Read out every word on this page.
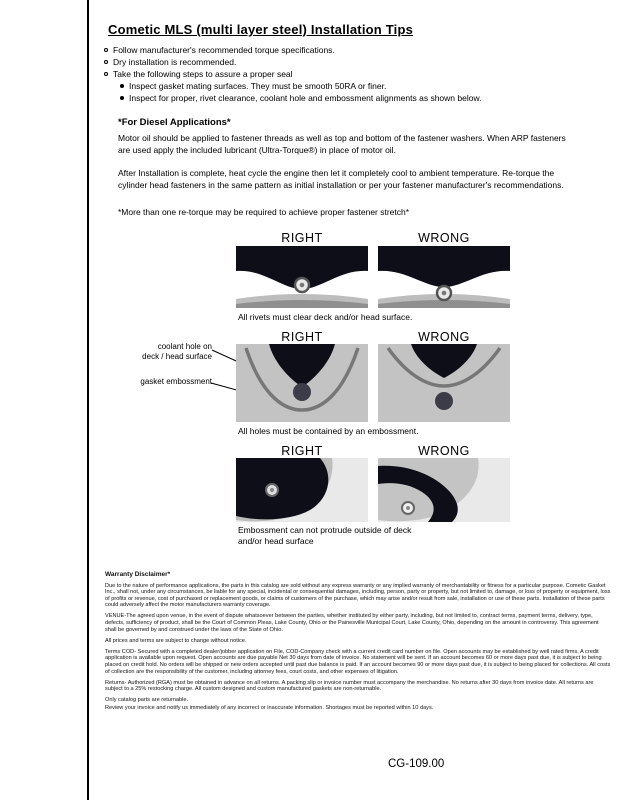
Cometic MLS (multi layer steel) Installation Tips
Follow manufacturer's recommended torque specifications.
Dry installation is recommended.
Take the following steps to assure a proper seal
Inspect gasket mating surfaces. They must be smooth 50RA or finer.
Inspect for proper, rivet clearance, coolant hole and embossment alignments as shown below.
*For Diesel Applications*

Motor oil should be applied to fastener threads as well as top and bottom of the fastener washers. When ARP fasteners are used apply the included lubricant (Ultra-Torque®) in place of motor oil.

After Installation is complete, heat cycle the engine then let it completely cool to ambient temperature. Re-torque the cylinder head fasteners in the same pattern as initial installation or per your fastener manufacturer's recommendations.

*More than one re-torque may be required to achieve proper fastener stretch*

RIGHT	WRONG

All rivets must clear deck and/or head surface.

RIGHT	WRONG
coolant hole on
deck / head surface
gasket embossment

All holes must be contained by an embossment.

RIGHT	WRONG

Embossment can not protrude outside of deck
and/or head surface

Warranty Disclaimer*

Due to the nature of performance applications, the parts in this catalog are sold without any express warranty or any implied warranty of merchantability or fitness for a particular purpose. Cometic Gasket Inc., shall not, under any circumstances, be liable for any special, incidental or consequential damages, including, person, party or property, but not limited to, damage, or loss of property or equipment, loss of profits or revenue, cost of purchased or replacement goods, or claims of customers of the purchase, which may arise and/or result from sale, installation or use of these parts. Installation of these parts could adversely affect the motor manufacturers warranty coverage.

VENUE-The agreed upon venue, in the event of dispute whatsoever between the parties, whether instituted by either party, including, but not limited to, contract terms, payment terms, delivery, type, defects, sufficiency of product, shall be the Court of Common Pleas, Lake County, Ohio or the Painesville Municipal Court, Lake County, Ohio, depending on the amount in controversy. This agreement shall be governed by and construed under the laws of the State of Ohio.

All prices and terms are subject to change without notice.

Terms COD- Secured with a completed dealer/jobber application on File, COD-Company check with a current credit card number on file. Open accounts may be established by well rated firms. A credit application is available upon request. Open accounts are due payable Net 30 days from date of invoice. No statement will be sent. If an account becomes 60 or more days past due, it is subject to being placed on credit hold. No orders will be shipped or new orders accepted until past due balance is paid. If an account becomes 90 or more days past due, it is subject to being placed for collections. All costs of collection are the responsibility of the customer, including attorney fees, court costs, and other expenses of litigation.

Returns- Authorized (RGA) must be obtained in advance on all returns. A packing slip or invoice number must accompany the merchandise. No returns after 30 days from invoice date. All returns are subject to a 25% restocking charge. All custom designed and custom manufactured gaskets are non-returnable.

Only catalog parts are returnable.

Review your invoice and notify us immediately of any incorrect or inaccurate information. Shortages must be reported within 10 days.

CG-109.00
